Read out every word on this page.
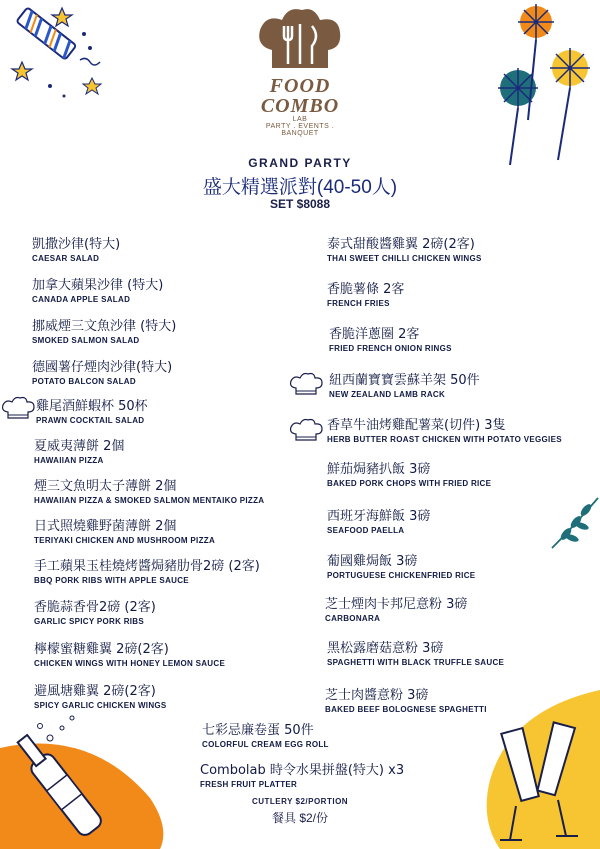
FOOD
COMBO
LAB
PARTY . EVENTS . BANQUET
GRAND PARTY
盛大精選派對(40-50人)
SET $8088
凱撒沙律(特大)
CAESAR SALAD
加拿大蘋果沙律 (特大)
CANADA APPLE SALAD
挪威煙三文魚沙律 (特大)
SMOKED SALMON SALAD
德國薯仔煙肉沙律(特大)
POTATO BALCON SALAD
雞尾酒鮮蝦杯 50杯
PRAWN COCKTAIL SALAD
夏威夷薄餅 2個
HAWAIIAN PIZZA
煙三文魚明太子薄餅 2個
HAWAIIAN PIZZA & SMOKED SALMON MENTAIKO PIZZA
日式照燒雞野菌薄餅 2個
TERIYAKI CHICKEN AND MUSHROOM PIZZA
手工蘋果玉桂燒烤醬焗豬肋骨2磅 (2客)
BBQ PORK RIBS WITH APPLE SAUCE
香脆蒜香骨2磅 (2客)
GARLIC SPICY PORK RIBS
檸檬蜜糖雞翼 2磅(2客)
CHICKEN WINGS WITH HONEY LEMON SAUCE
避風塘雞翼 2磅(2客)
SPICY GARLIC CHICKEN WINGS
泰式甜酸醬雞翼 2磅(2客)
THAI SWEET CHILLI CHICKEN WINGS
香脆薯條 2客
FRENCH FRIES
香脆洋蔥圈 2客
FRIED FRENCH ONION RINGS
紐西蘭寶寶雲蘇羊架 50件
NEW ZEALAND LAMB RACK
香草牛油烤雞配薯菜(切件) 3隻
HERB BUTTER ROAST CHICKEN WITH POTATO VEGGIES
鮮茄焗豬扒飯 3磅
BAKED PORK CHOPS WITH FRIED RICE
西班牙海鮮飯 3磅
SEAFOOD PAELLA
葡國雞焗飯 3磅
PORTUGUESE CHICKENFRIED RICE
芝士煙肉卡邦尼意粉 3磅
CARBONARA
黑松露磨菇意粉 3磅
SPAGHETTI WITH BLACK TRUFFLE SAUCE
芝士肉醬意粉 3磅
BAKED BEEF BOLOGNESE SPAGHETTI
七彩忌廉卷蛋 50件
COLORFUL CREAM EGG ROLL
Combolab 時令水果拼盤(特大) x3
FRESH FRUIT PLATTER
CUTLERY $2/PORTION
餐具 $2/份
